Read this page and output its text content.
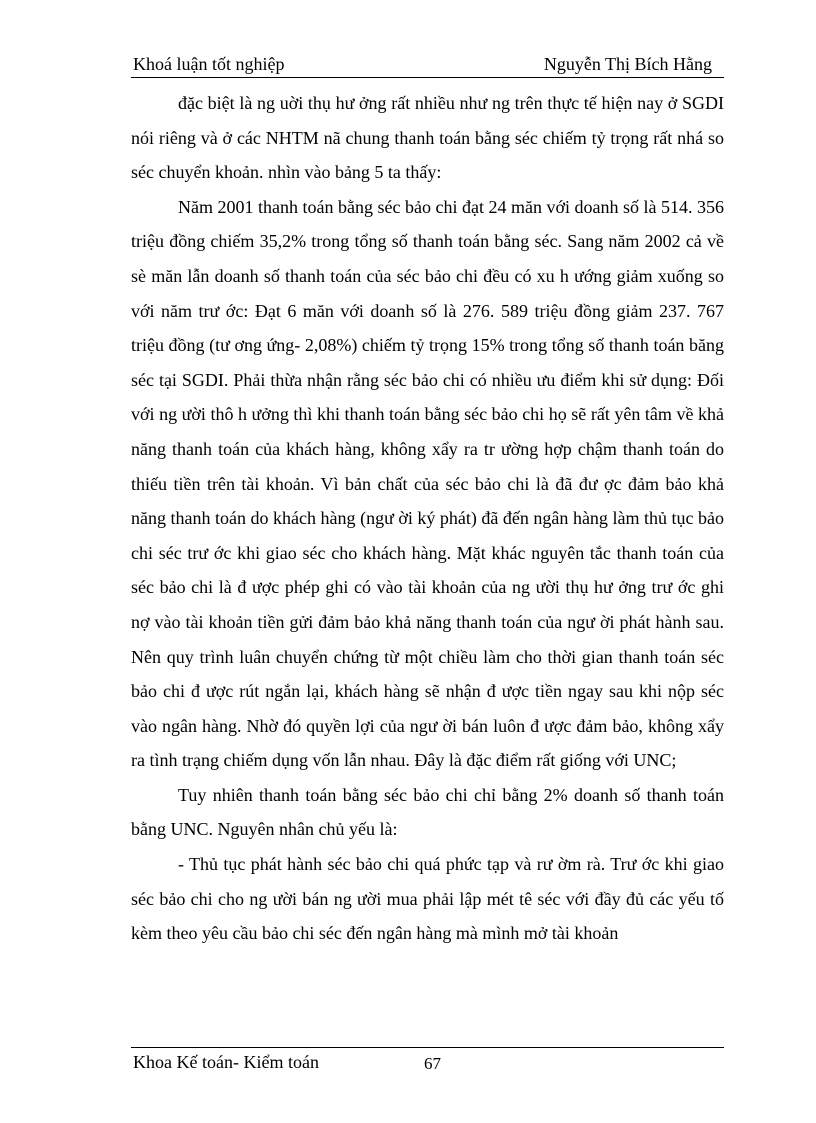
Khoá luận tốt nghiệp	Nguyễn Thị Bích Hằng

đặc biệt là ng uời thụ hư ởng rất nhiều như ng trên thực tế hiện nay ở SGDI nói riêng và ở các NHTM nã chung thanh toán bằng séc chiếm tỷ trọng rất nhá so séc chuyển khoản. nhìn vào bảng 5 ta thấy:

Năm 2001 thanh toán bằng séc bảo chi đạt 24 măn với doanh số là 514. 356 triệu đồng chiếm 35,2% trong tổng số thanh toán bằng séc. Sang năm 2002 cả về sè măn lẫn doanh số thanh toán của séc bảo chi đều có xu h ướng giảm xuống so với năm trư ớc: Đạt 6 măn với doanh số là 276. 589 triệu đồng giảm 237. 767 triệu đồng (tư ơng ứng- 2,08%) chiếm tỷ trọng 15% trong tổng số thanh toán băng séc tại SGDI. Phải thừa nhận rằng séc bảo chi có nhiều ưu điểm khi sử dụng: Đối với ng ười thô h ưởng thì khi thanh toán bằng séc bảo chi họ sẽ rất yên tâm về khả năng thanh toán của khách hàng, không xẩy ra tr ường hợp chậm thanh toán do thiếu tiền trên tài khoản. Vì bản chất của séc bảo chi là đã đư ợc đảm bảo khả năng thanh toán do khách hàng (ngư ời ký phát) đã đến ngân hàng làm thủ tục bảo chi séc trư ớc khi giao séc cho khách hàng. Mặt khác nguyên tắc thanh toán của séc bảo chi là đ ược phép ghi có vào tài khoản của ng ười thụ hư ởng trư ớc ghi nợ vào tài khoản tiền gửi đảm bảo khả năng thanh toán của ngư ời phát hành sau. Nên quy trình luân chuyển chứng từ một chiều làm cho thời gian thanh toán séc bảo chi đ ược rút ngắn lại, khách hàng sẽ nhận đ ược tiền ngay sau khi nộp séc vào ngân hàng. Nhờ đó quyền lợi của ngư ời bán luôn đ ược đảm bảo, không xẩy ra tình trạng chiếm dụng vốn lẫn nhau. Đây là đặc điểm rất giống với UNC;

Tuy nhiên thanh toán bằng séc bảo chi chỉ bằng 2% doanh số thanh toán bằng UNC. Nguyên nhân chủ yếu là:

- Thủ tục phát hành séc bảo chi quá phức tạp và rư ờm rà. Trư ớc khi giao séc bảo chi cho ng ười bán ng ười mua phải lập mét tê séc với đầy đủ các yếu tố kèm theo yêu cầu bảo chi séc đến ngân hàng mà mình mở tài khoản

Khoa Kế toán- Kiểm toán	67
